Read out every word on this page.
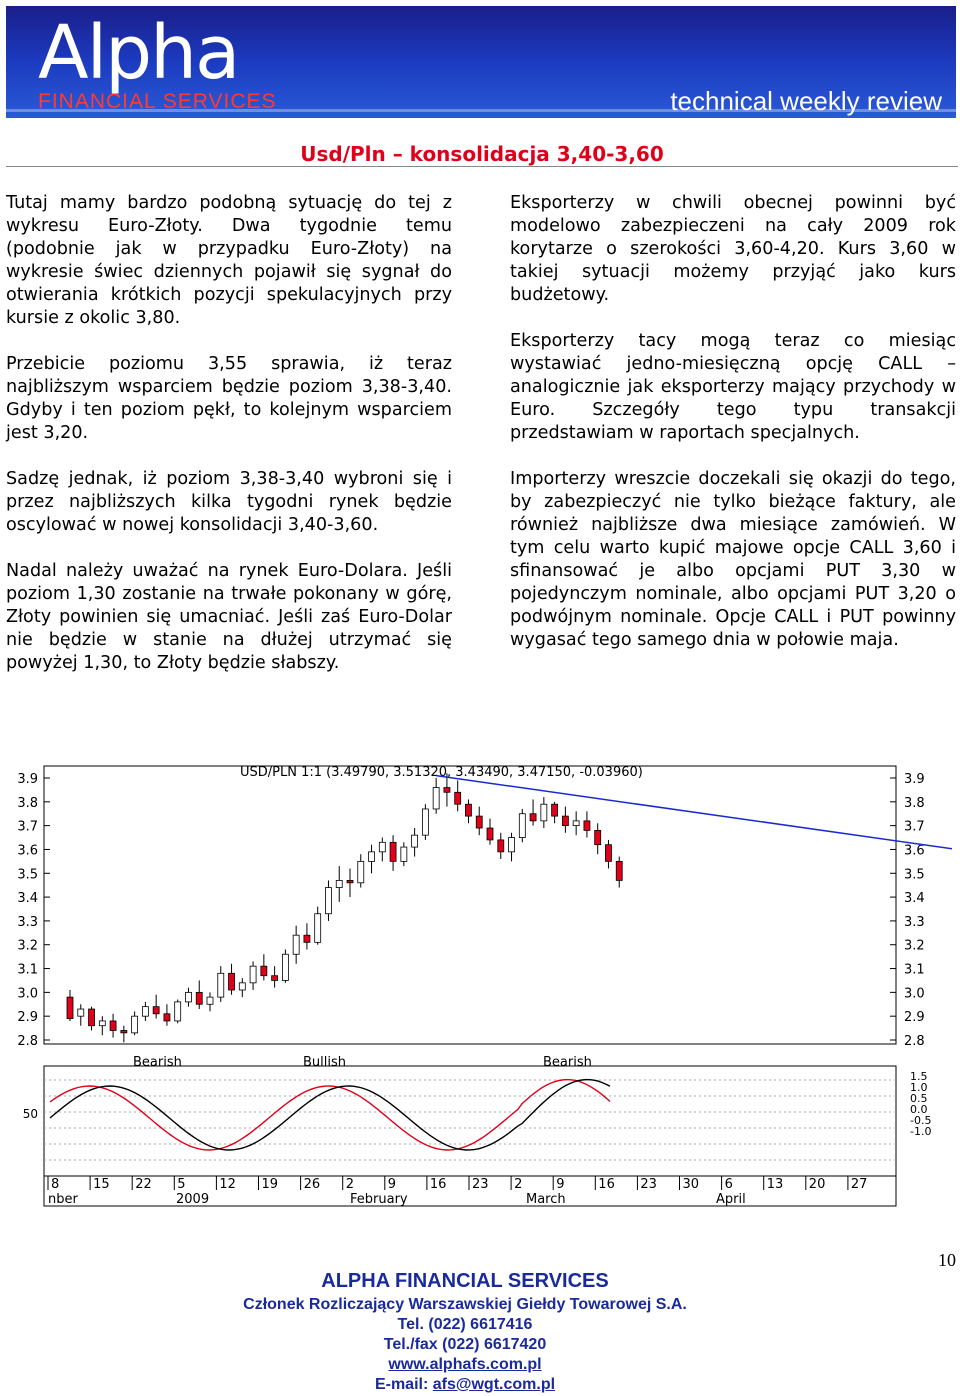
Alpha
FINANCIAL SERVICES	technical weekly review
Usd/Pln – konsolidacja 3,40-3,60

Tutaj mamy bardzo podobną sytuację do tej z wykresu Euro-Złoty. Dwa tygodnie temu (podobnie jak w przypadku Euro-Złoty) na wykresie świec dziennych pojawił się sygnał do otwierania krótkich pozycji spekulacyjnych przy kursie z okolic 3,80.

Przebicie poziomu 3,55 sprawia, iż teraz najbliższym wsparciem będzie poziom 3,38-3,40. Gdyby i ten poziom pękł, to kolejnym wsparciem jest 3,20.

Sadzę jednak, iż poziom 3,38-3,40 wybroni się i przez najbliższych kilka tygodni rynek będzie oscylować w nowej konsolidacji 3,40-3,60.

Nadal należy uważać na rynek Euro-Dolara. Jeśli poziom 1,30 zostanie na trwałe pokonany w górę, Złoty powinien się umacniać. Jeśli zaś Euro-Dolar nie będzie w stanie na dłużej utrzymać się powyżej 1,30, to Złoty będzie słabszy.

Eksporterzy w chwili obecnej powinni być modelowo zabezpieczeni na cały 2009 rok korytarze o szerokości 3,60-4,20. Kurs 3,60 w takiej sytuacji możemy przyjąć jako kurs budżetowy.

Eksporterzy tacy mogą teraz co miesiąc wystawiać jedno-miesięczną opcję CALL – analogicznie jak eksporterzy mający przychody w Euro. Szczegóły tego typu transakcji przedstawiam w raportach specjalnych.

Importerzy wreszcie doczekali się okazji do tego, by zabezpieczyć nie tylko bieżące faktury, ale również najbliższe dwa miesiące zamówień. W tym celu warto kupić majowe opcje CALL 3,60 i sfinansować je albo opcjami PUT 3,30 w pojedynczym nominale, albo opcjami PUT 3,20 o podwójnym nominale. Opcje CALL i PUT powinny wygasać tego samego dnia w połowie maja.

USD/PLN 1:1 (3.49790, 3.51320, 3.43490, 3.47150, -0.03960)
3.9	3.9
3.8	3.8
3.7	3.7
3.6	3.6
3.5	3.5
3.4	3.4
3.3	3.3
3.2	3.2
3.1	3.1
3.0	3.0
2.9	2.9
2.8	2.8
Bearish	Bullish	Bearish
50
1.5
1.0
0.5
0.0
-0.5
-1.0
8	15 22 5	12 19 26 2	9	16 23 2	9	16 23 30 6	13 20 27
nber	2009	February	March	April
10
ALPHA FINANCIAL SERVICES
Członek Rozliczający Warszawskiej Giełdy Towarowej S.A.
Tel. (022) 6617416
Tel./fax (022) 6617420
www.alphafs.com.pl
E-mail: afs@wgt.com.pl
